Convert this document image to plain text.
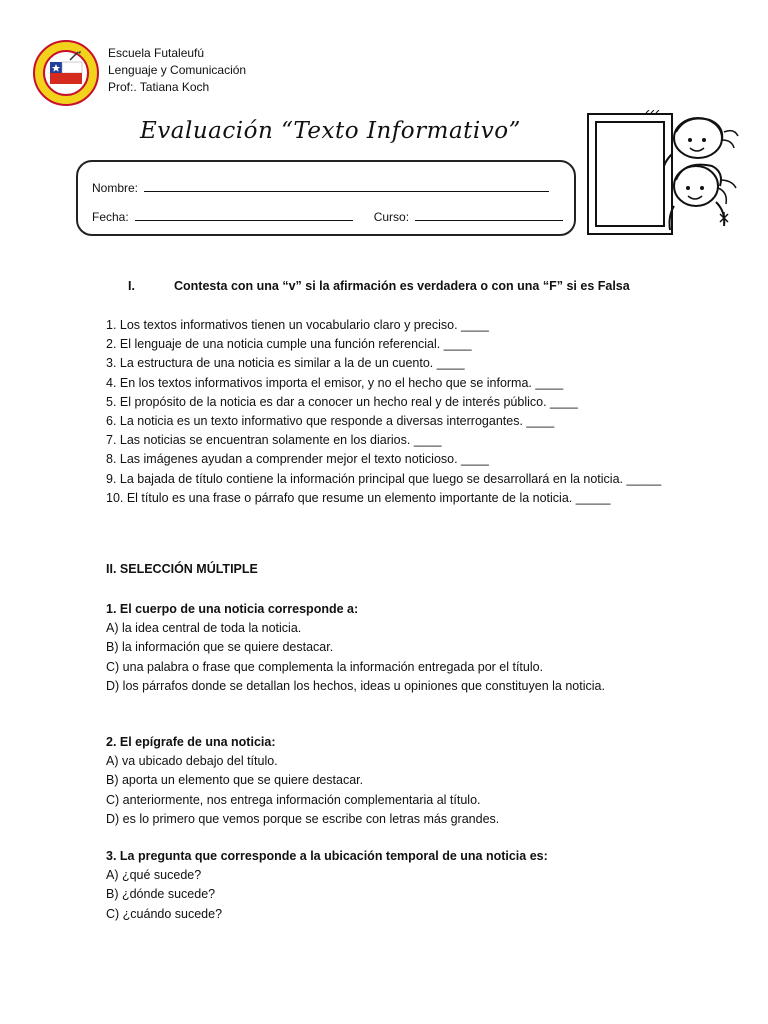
Escuela Futaleufú
Lenguaje y Comunicación
Prof:. Tatiana Koch
Evaluación “Texto Informativo”
Nombre:
Fecha:	Curso:
I.	Contesta con una “v” si la afirmación es verdadera o con una “F” si es Falsa
1. Los textos informativos tienen un vocabulario claro y preciso. ____
2. El lenguaje de una noticia cumple una función referencial. ____
3. La estructura de una noticia es similar a la de un cuento. ____
4. En los textos informativos importa el emisor, y no el hecho que se informa. ____
5. El propósito de la noticia es dar a conocer un hecho real y de interés público. ____
6. La noticia es un texto informativo que responde a diversas interrogantes. ____
7. Las noticias se encuentran solamente en los diarios. ____
8. Las imágenes ayudan a comprender mejor el texto noticioso. ____
9. La bajada de título contiene la información principal que luego se desarrollará en la noticia. _____
10. El título es una frase o párrafo que resume un elemento importante de la noticia. _____
II. SELECCIÓN MÚLTIPLE
1. El cuerpo de una noticia corresponde a:
A) la idea central de toda la noticia.
B) la información que se quiere destacar.
C) una palabra o frase que complementa la información entregada por el título.
D) los párrafos donde se detallan los hechos, ideas u opiniones que constituyen la noticia.
2. El epígrafe de una noticia:
A) va ubicado debajo del título.
B) aporta un elemento que se quiere destacar.
C) anteriormente, nos entrega información complementaria al título.
D) es lo primero que vemos porque se escribe con letras más grandes.
3. La pregunta que corresponde a la ubicación temporal de una noticia es:
A) ¿qué sucede?
B) ¿dónde sucede?
C) ¿cuándo sucede?
